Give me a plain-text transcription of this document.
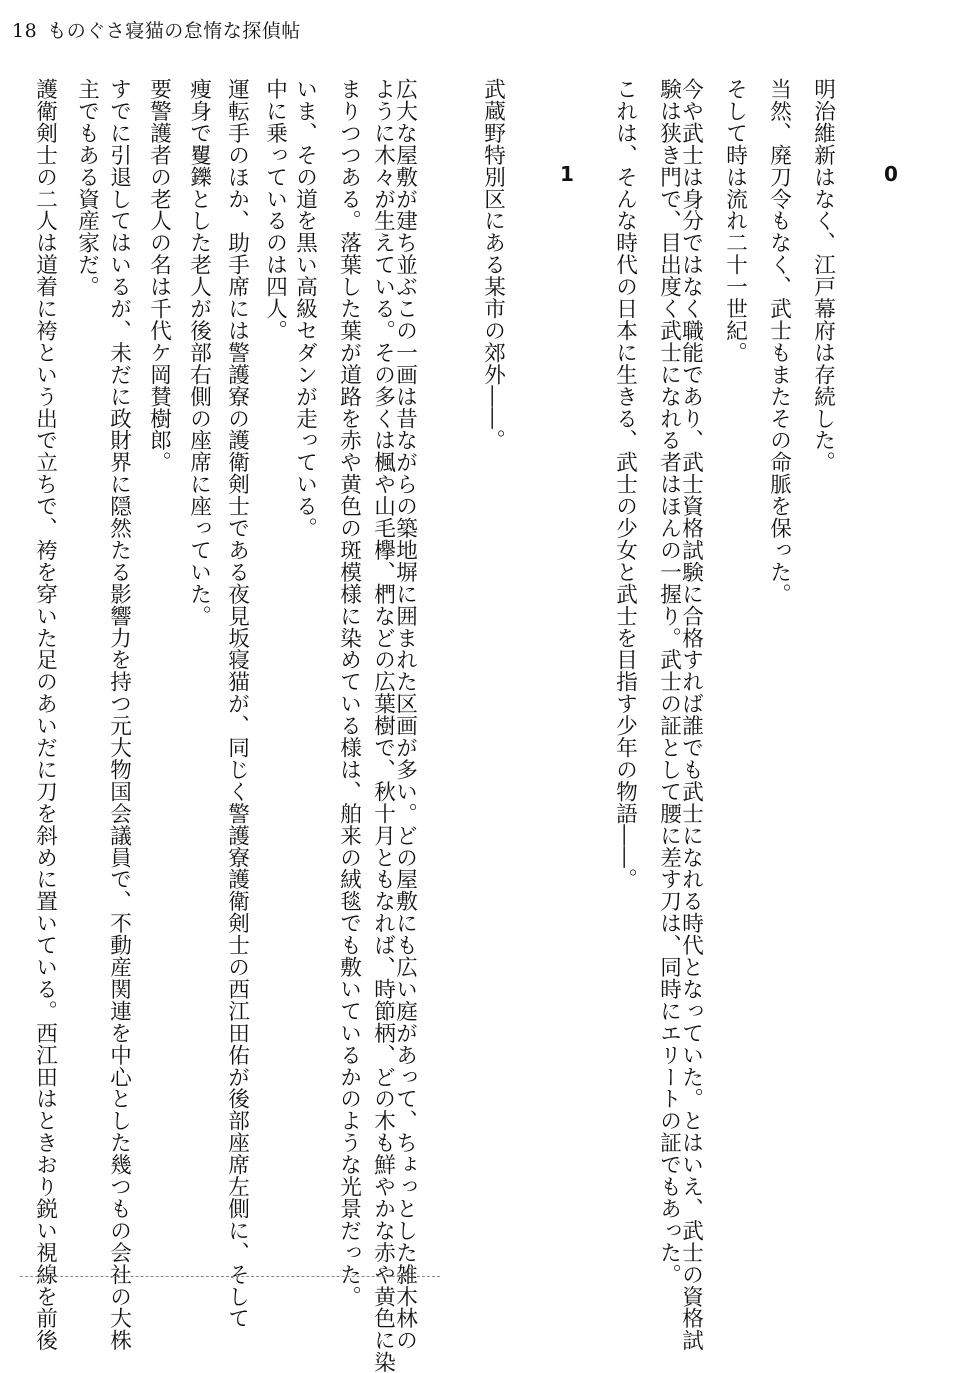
18 ものぐさ寝猫の怠惰な探偵帖
0
明治維新はなく、江戸幕府は存続した。
当然、廃刀令もなく、武士もまたその命脈を保った。
そして時は流れ二十一世紀。
今や武士は身分ではなく職能であり、武士資格試験に合格すれば誰でも武士になれる時代となっていた。とはいえ、武士の資格試
験は狭き門で、目出度く武士になれる者はほんの一握り。武士の証として腰に差す刀は、同時にエリートの証でもあった。
これは、そんな時代の日本に生きる、武士の少女と武士を目指す少年の物語――。
1
武蔵野特別区にある某市の郊外――。
広大な屋敷が建ち並ぶこの一画は昔ながらの築地塀に囲まれた区画が多い。どの屋敷にも広い庭があって、ちょっとした雑木林の
ように木々が生えている。その多くは楓や山毛欅、椚などの広葉樹で、秋十月ともなれば、時節柄、どの木も鮮やかな赤や黄色に染
まりつつある。落葉した葉が道路を赤や黄色の斑模様に染めている様は、舶来の絨毯でも敷いているかのような光景だった。
いま、その道を黒い高級セダンが走っている。
中に乗っているのは四人。
運転手のほか、助手席には警護寮の護衛剣士である夜見坂寝猫が、同じく警護寮護衛剣士の西江田佑が後部座席左側に、そして
痩身で矍鑠とした老人が後部右側の座席に座っていた。
要警護者の老人の名は千代ケ岡賛樹郎。
すでに引退してはいるが、未だに政財界に隠然たる影響力を持つ元大物国会議員で、不動産関連を中心とした幾つもの会社の大株
主でもある資産家だ。
護衛剣士の二人は道着に袴という出で立ちで、袴を穿いた足のあいだに刀を斜めに置いている。西江田はときおり鋭い視線を前後
